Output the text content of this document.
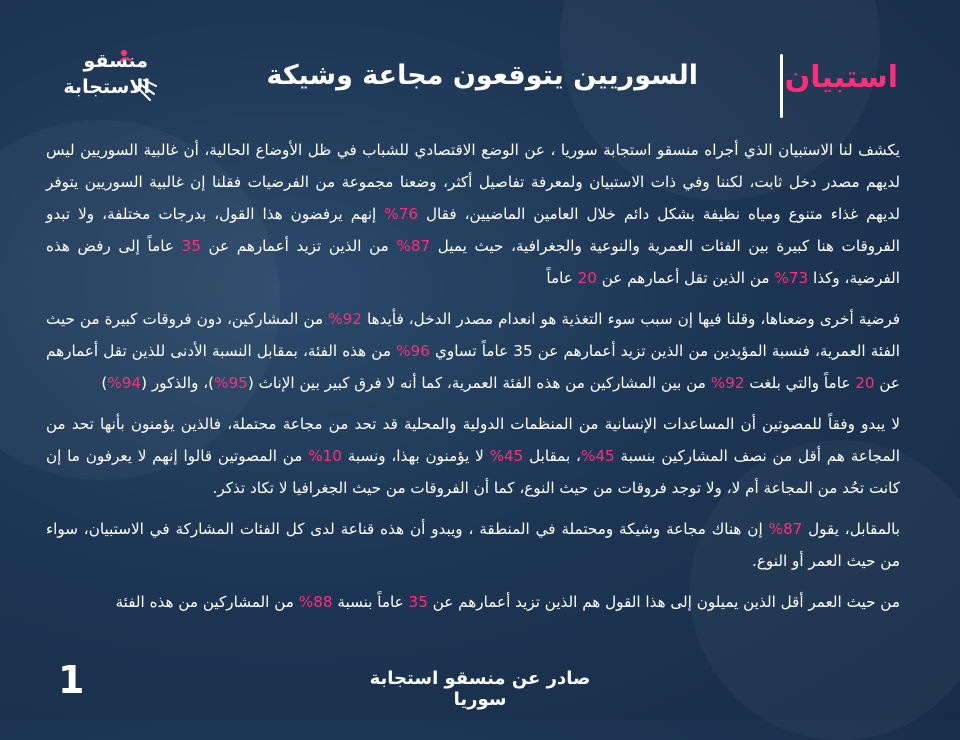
منسقو
الاستجابة	السوريين يتوقعون مجاعة وشيكة	استبيان

يكشف لنا الاستبيان الذي أجراه منسقو استجابة سوريا ، عن الوضع الاقتصادي للشباب في ظل الأوضاع الحالية، أن غالبية السوريين ليس لديهم مصدر دخل ثابت، لكننا وفي ذات الاستبيان ولمعرفة تفاصيل أكثر، وضعنا مجموعة من الفرضيات فقلنا إن غالبية السوريين يتوفر لديهم غذاء متنوع ومياه نظيفة بشكل دائم خلال العامين الماضيين، فقال 76% إنهم يرفضون هذا القول، بدرجات مختلفة، ولا تبدو الفروقات هنا كبيرة بين الفئات العمرية والنوعية والجغرافية، حيث يميل 87% من الذين تزيد أعمارهم عن 35 عاماً إلى رفض هذه الفرضية، وكذا 73% من الذين تقل أعمارهم عن 20 عاماً

فرضية أخرى وضعناها، وقلنا فيها إن سبب سوء التغذية هو انعدام مصدر الدخل، فأيدها 92% من المشاركين، دون فروقات كبيرة من حيث الفئة العمرية، فنسبة المؤيدين من الذين تزيد أعمارهم عن 35 عاماً تساوي 96% من هذه الفئة، بمقابل النسبة الأدنى للذين تقل أعمارهم عن 20 عاماً والتي بلغت 92% من بين المشاركين من هذه الفئة العمرية، كما أنه لا فرق كبير بين الإناث (95%)، والذكور (94%)

لا يبدو وفقاً للمصوتين أن المساعدات الإنسانية من المنظمات الدولية والمحلية قد تحد من مجاعة محتملة، فالذين يؤمنون بأنها تحد من المجاعة هم أقل من نصف المشاركين بنسبة 45%، بمقابل 45% لا يؤمنون بهذا، ونسبة 10% من المصوتين قالوا إنهم لا يعرفون ما إن كانت تحُد من المجاعة أم لا، ولا توجد فروقات من حيث النوع، كما أن الفروقات من حيث الجغرافيا لا تكاد تذكر.

بالمقابل، يقول 87% إن هناك مجاعة وشيكة ومحتملة في المنطقة ، ويبدو أن هذه قناعة لدى كل الفئات المشاركة في الاستبيان، سواء من حيث العمر أو النوع.

من حيث العمر أقل الذين يميلون إلى هذا القول هم الذين تزيد أعمارهم عن 35 عاماً بنسبة 88% من المشاركين من هذه الفئة

1	صادر عن منسقو استجابة سوريا
